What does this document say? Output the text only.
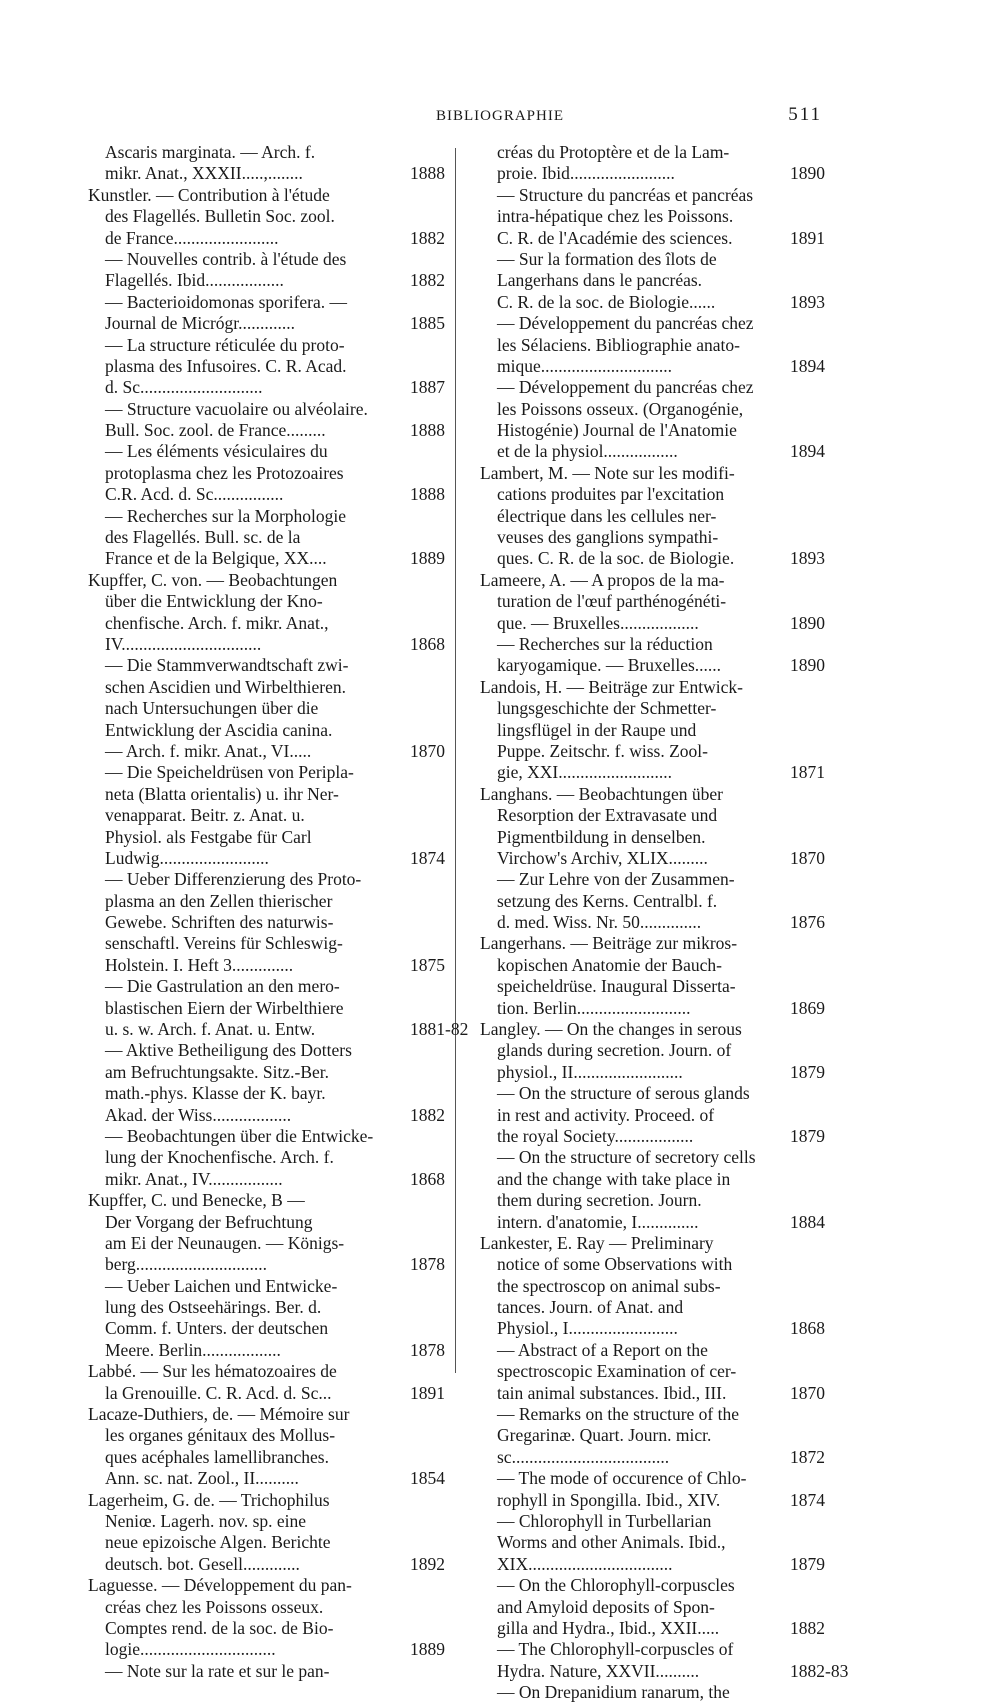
BIBLIOGRAPHIE	511
Ascaris marginata. — Arch. f.
mikr. Anat., XXXII.....,........	1888
Kunstler. — Contribution à l'étude
des Flagellés. Bulletin Soc. zool.
de France........................	1882
— Nouvelles contrib. à l'étude des
Flagellés. Ibid..................	1882
— Bacterioidomonas sporifera. —
Journal de Micrógr.............	1885
— La structure réticulée du proto-
plasma des Infusoires. C. R. Acad.
d. Sc............................	1887
— Structure vacuolaire ou alvéolaire.
Bull. Soc. zool. de France.........	1888
— Les éléments vésiculaires du
protoplasma chez les Protozoaires
C.R. Acd. d. Sc................	1888
— Recherches sur la Morphologie
des Flagellés. Bull. sc. de la
France et de la Belgique, XX....	1889
Kupffer, C. von. — Beobachtungen
über die Entwicklung der Kno-
chenfische. Arch. f. mikr. Anat.,
IV................................	1868
— Die Stammverwandtschaft zwi-
schen Ascidien und Wirbelthieren.
nach Untersuchungen über die
Entwicklung der Ascidia canina.
— Arch. f. mikr. Anat., VI.....	1870
— Die Speicheldrüsen von Periplа-
neta (Blatta orientalis) u. ihr Ner-
venapparat. Beitr. z. Anat. u.
Physiol. als Festgabe für Carl
Ludwig.........................	1874
— Ueber Differenzierung des Proto-
plasma an den Zellen thierischer
Gewebe. Schriften des naturwis-
senschaftl. Vereins für Schleswig-
Holstein. I. Heft 3..............	1875
— Die Gastrulation an den mero-
blastischen Eiern der Wirbelthiere
u. s. w. Arch. f. Anat. u. Entw.	1881-82
— Aktive Betheiligung des Dotters
am Befruchtungsakte. Sitz.-Ber.
math.-phys. Klasse der K. bayr.
Akad. der Wiss..................	1882
— Beobachtungen über die Entwicke-
lung der Knochenfische. Arch. f.
mikr. Anat., IV.................	1868
Kupffer, C. und Benecke, B —
Der Vorgang der Befruchtung
am Ei der Neunaugen. — Königs-
berg..............................	1878
— Ueber Laichen und Entwicke-
lung des Ostseehärings. Ber. d.
Comm. f. Unters. der deutschen
Meere. Berlin..................	1878
Labbé. — Sur les hématozoaires de
la Grenouille. C. R. Acd. d. Sc...	1891
Lacaze-Duthiers, de. — Mémoire sur
les organes génitaux des Mollus-
ques acéphales lamellibranches.
Ann. sc. nat. Zool., II..........	1854
Lagerheim, G. de. — Trichophilus
Neniœ. Lagerh. nov. sp. eine
neue epizoische Algen. Berichte
deutsch. bot. Gesell.............	1892
Laguesse. — Développement du pan-
créas chez les Poissons osseux.
Comptes rend. de la soc. de Bio-
logie...............................	1889
— Note sur la rate et sur le pan-
créas du Protoptère et de la Lam-
proie. Ibid........................	1890
— Structure du pancréas et pancréas
intra-hépatique chez les Poissons.
C. R. de l'Académie des sciences.	1891
— Sur la formation des îlots de
Langerhans dans le pancréas.
C. R. de la soc. de Biologie......	1893
— Développement du pancréas chez
les Sélaciens. Bibliographie anato-
mique..............................	1894
— Développement du pancréas chez
les Poissons osseux. (Organogénie,
Histogénie) Journal de l'Anatomie
et de la physiol.................	1894
Lambert, M. — Note sur les modifi-
cations produites par l'excitation
électrique dans les cellules ner-
veuses des ganglions sympathi-
ques. C. R. de la soc. de Biologie.	1893
Lameere, A. — A propos de la ma-
turation de l'œuf parthénogénéti-
que. — Bruxelles..................	1890
— Recherches sur la réduction
karyogamique. — Bruxelles......	1890
Landois, H. — Beiträge zur Entwick-
lungsgeschichte der Schmetter-
lingsflügel in der Raupe und
Puppe. Zeitschr. f. wiss. Zool-
gie, XXI..........................	1871
Langhans. — Beobachtungen über
Resorption der Extravasate und
Pigmentbildung in denselben.
Virchow's Archiv, XLIX.........	1870
— Zur Lehre von der Zusammen-
setzung des Kerns. Centralbl. f.
d. med. Wiss. Nr. 50..............	1876
Langerhans. — Beiträge zur mikros-
kopischen Anatomie der Bauch-
speicheldrüse. Inaugural Disserta-
tion. Berlin..........................	1869
Langley. — On the changes in serous
glands during secretion. Journ. of
physiol., II.........................	1879
— On the structure of serous glands
in rest and activity. Proceed. of
the royal Society..................	1879
— On the structure of secretory cells
and the change with take place in
them during secretion. Journ.
intern. d'anatomie, I..............	1884
Lankester, E. Ray — Preliminary
notice of some Observations with
the spectroscop on animal subs-
tances. Journ. of Anat. and
Physiol., I.........................	1868
— Abstract of a Report on the
spectroscopic Examination of cer-
tain animal substances. Ibid., III.	1870
— Remarks on the structure of the
Gregarinæ. Quart. Journ. micr.
sc....................................	1872
— The mode of occurence of Chlo-
rophyll in Spongilla. Ibid., XIV.	1874
— Chlorophyll in Turbellarian
Worms and other Animals. Ibid.,
XIX.................................	1879
— On the Chlorophyll-corpuscles
and Amyloid deposits of Spon-
gilla and Hydra., Ibid., XXII.....	1882
— The Chlorophyll-corpuscles of
Hydra. Nature, XXVII..........	1882-83
— On Drepanidium ranarum, the
